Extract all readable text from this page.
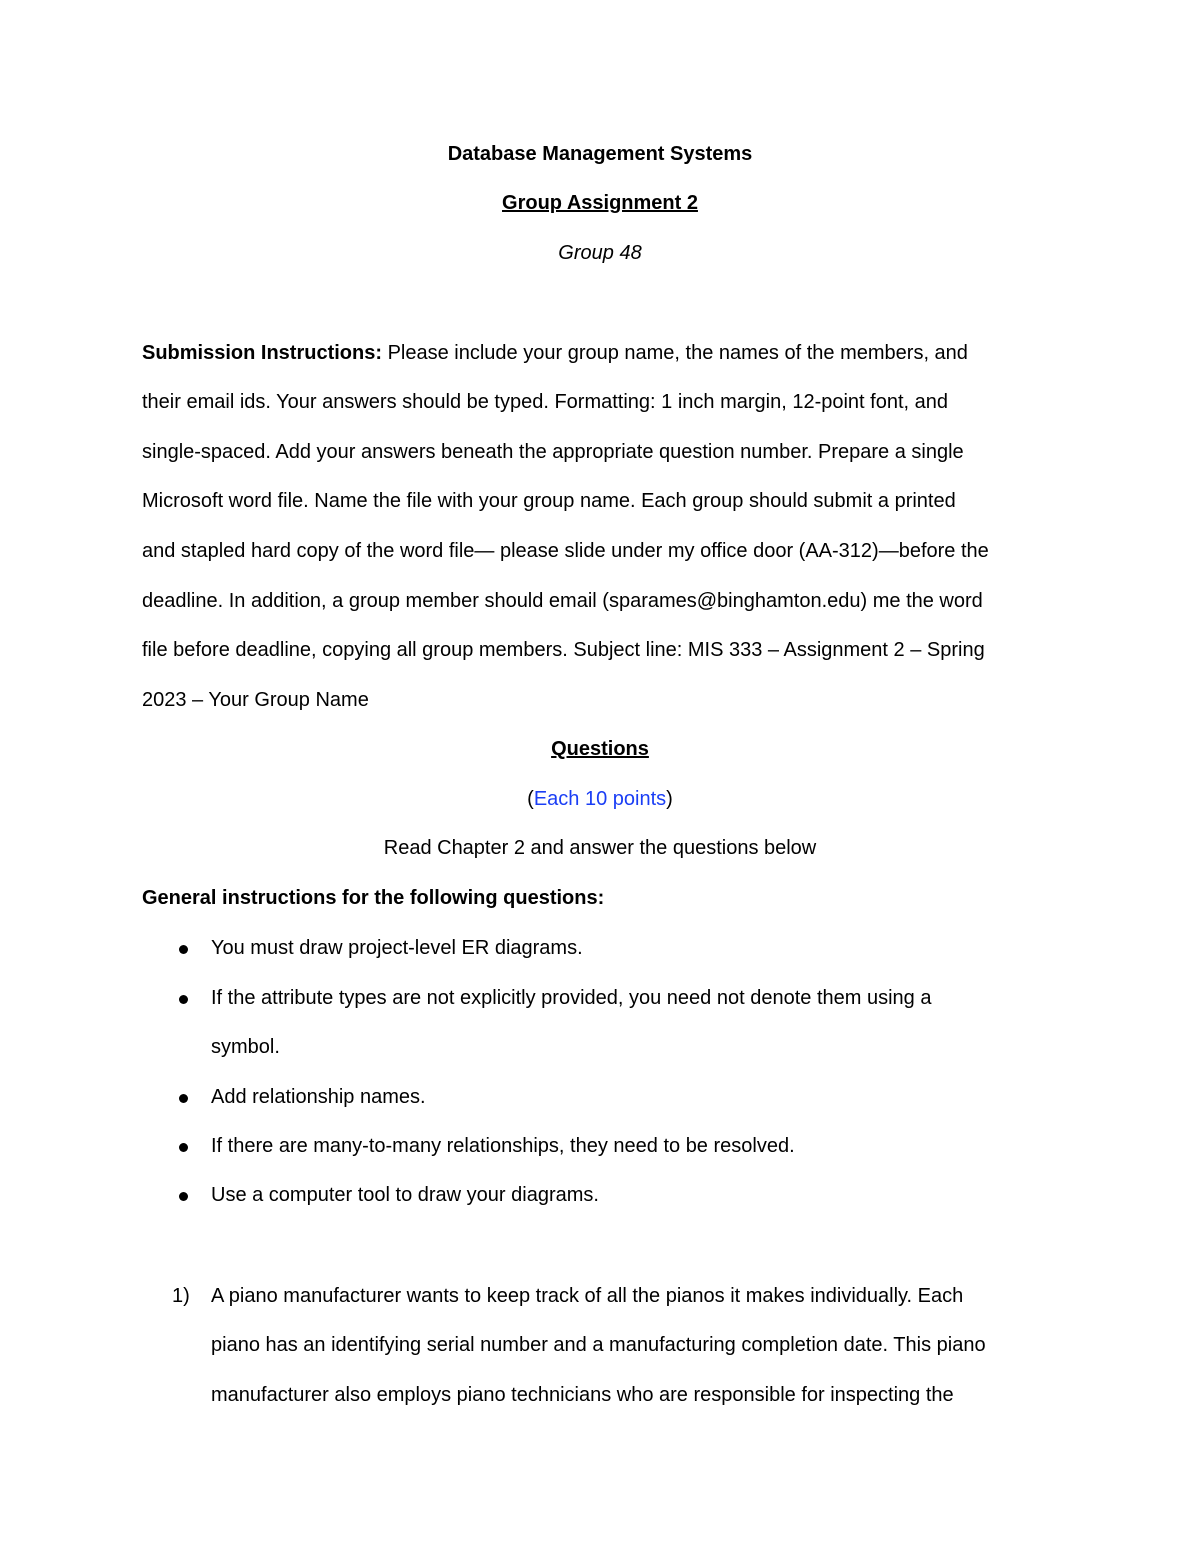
Database Management Systems
Group Assignment 2
Group 48
Submission Instructions: Please include your group name, the names of the members, and
their email ids. Your answers should be typed. Formatting: 1 inch margin, 12-point font, and
single-spaced. Add your answers beneath the appropriate question number. Prepare a single
Microsoft word file. Name the file with your group name. Each group should submit a printed
and stapled hard copy of the word file— please slide under my office door (AA-312)—before the
deadline. In addition, a group member should email (sparames@binghamton.edu) me the word
file before deadline, copying all group members. Subject line: MIS 333 – Assignment 2 – Spring
2023 – Your Group Name
Questions
(Each 10 points)
Read Chapter 2 and answer the questions below
General instructions for the following questions:
You must draw project-level ER diagrams.
If the attribute types are not explicitly provided, you need not denote them using a
symbol.
Add relationship names.
If there are many-to-many relationships, they need to be resolved.
Use a computer tool to draw your diagrams.
1) A piano manufacturer wants to keep track of all the pianos it makes individually. Each
piano has an identifying serial number and a manufacturing completion date. This piano
manufacturer also employs piano technicians who are responsible for inspecting the
